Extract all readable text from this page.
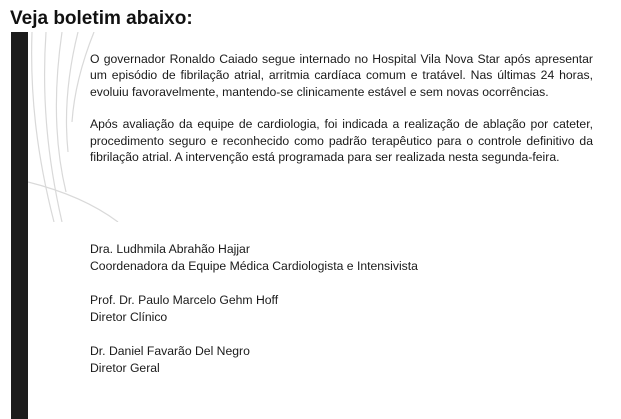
Veja boletim abaixo:

O governador Ronaldo Caiado segue internado no Hospital Vila Nova Star após apresentar um episódio de fibrilação atrial, arritmia cardíaca comum e tratável. Nas últimas 24 horas, evoluiu favoravelmente, mantendo-se clinicamente estável e sem novas ocorrências.

Após avaliação da equipe de cardiologia, foi indicada a realização de ablação por cateter, procedimento seguro e reconhecido como padrão terapêutico para o controle definitivo da fibrilação atrial. A intervenção está programada para ser realizada nesta segunda-feira.

Dra. Ludhmila Abrahão Hajjar
Coordenadora da Equipe Médica Cardiologista e Intensivista
Prof. Dr. Paulo Marcelo Gehm Hoff
Diretor Clínico
Dr. Daniel Favarão Del Negro
Diretor Geral
